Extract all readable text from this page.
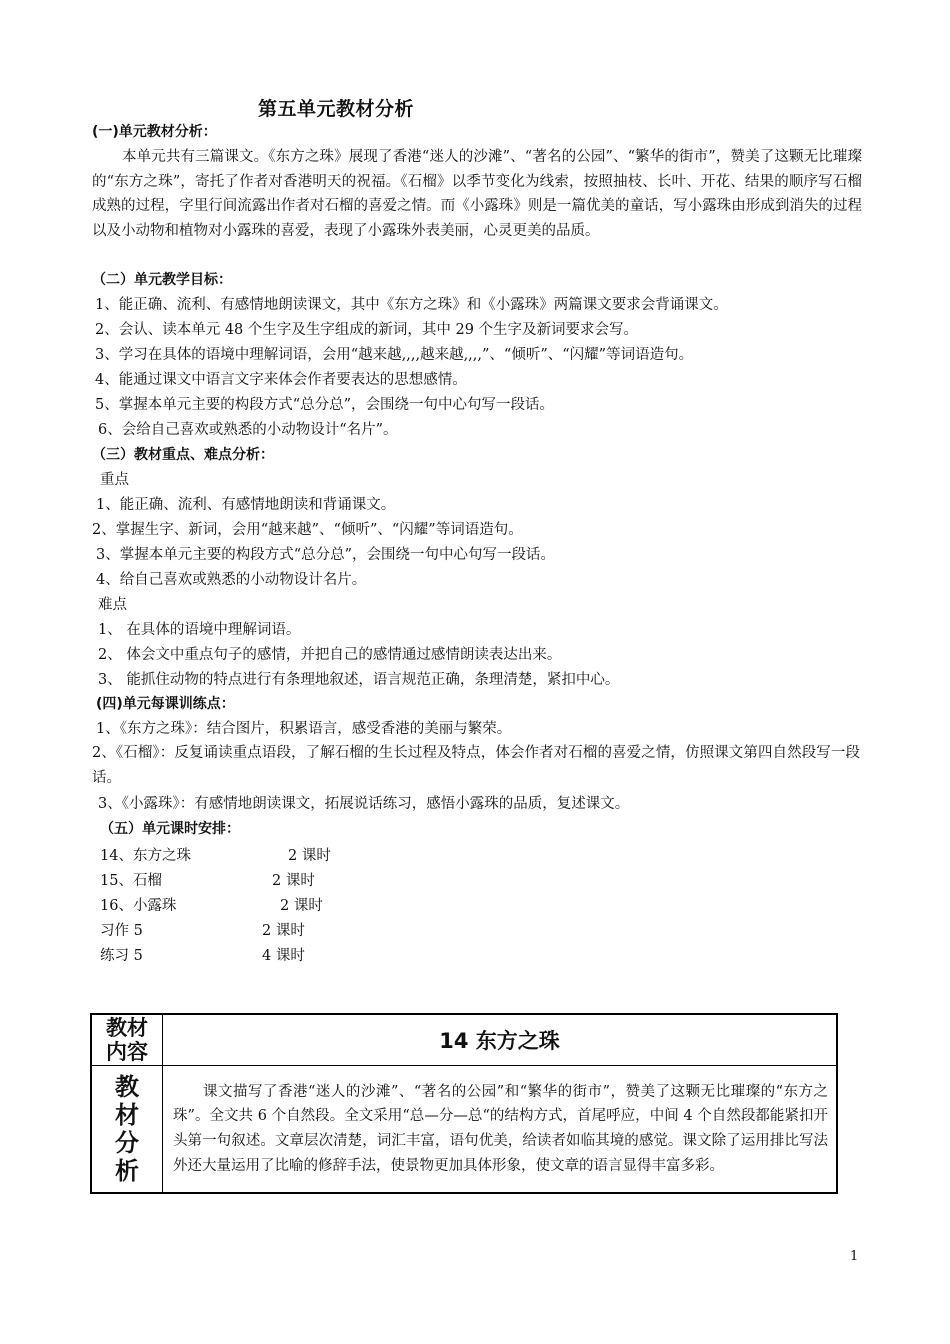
第五单元教材分析
(一)单元教材分析：
本单元共有三篇课文。《东方之珠》展现了香港“迷人的沙滩”、“著名的公园”、“繁华的街市”，赞美了这颗无比璀璨的“东方之珠”，寄托了作者对香港明天的祝福。《石榴》以季节变化为线索，按照抽枝、长叶、开花、结果的顺序写石榴成熟的过程，字里行间流露出作者对石榴的喜爱之情。而《小露珠》则是一篇优美的童话，写小露珠由形成到消失的过程以及小动物和植物对小露珠的喜爱，表现了小露珠外表美丽，心灵更美的品质。
（二）单元教学目标：
1、能正确、流利、有感情地朗读课文，其中《东方之珠》和《小露珠》两篇课文要求会背诵课文。
2、会认、读本单元 48 个生字及生字组成的新词，其中 29 个生字及新词要求会写。
3、学习在具体的语境中理解词语，会用“越来越,,,,越来越,,,,”、“倾听”、“闪耀”等词语造句。
4、能通过课文中语言文字来体会作者要表达的思想感情。
5、掌握本单元主要的构段方式“总分总”，会围绕一句中心句写一段话。
6、会给自己喜欢或熟悉的小动物设计“名片”。
（三）教材重点、难点分析：
重点
1、能正确、流利、有感情地朗读和背诵课文。
2、掌握生字、新词，会用“越来越”、“倾听”、“闪耀”等词语造句。
3、掌握本单元主要的构段方式“总分总”，会围绕一句中心句写一段话。
4、给自己喜欢或熟悉的小动物设计名片。
难点
1、 在具体的语境中理解词语。
2、 体会文中重点句子的感情，并把自己的感情通过感情朗读表达出来。
3、 能抓住动物的特点进行有条理地叙述，语言规范正确，条理清楚，紧扣中心。
(四)单元每课训练点：
1、《东方之珠》：结合图片，积累语言，感受香港的美丽与繁荣。
2、《石榴》：反复诵读重点语段，了解石榴的生长过程及特点，体会作者对石榴的喜爱之情，仿照课文第四自然段写一段话。
3、《小露珠》：有感情地朗读课文，拓展说话练习，感悟小露珠的品质，复述课文。
（五）单元课时安排：
14、东方之珠	2 课时
15、石榴	2 课时
16、小露珠	2 课时
习作 5	2 课时
练习 5	4 课时
教材内容	14 东方之珠

教材分析	课文描写了香港“迷人的沙滩”、“著名的公园”和“繁华的街市”，赞美了这颗无比璀璨的“东方之珠”。全文共 6 个自然段。全文采用“总—分—总“的结构方式，首尾呼应，中间 4 个自然段都能紧扣开头第一句叙述。文章层次清楚，词汇丰富，语句优美，给读者如临其境的感觉。课文除了运用排比写法外还大量运用了比喻的修辞手法，使景物更加具体形象，使文章的语言显得丰富多彩。
1
